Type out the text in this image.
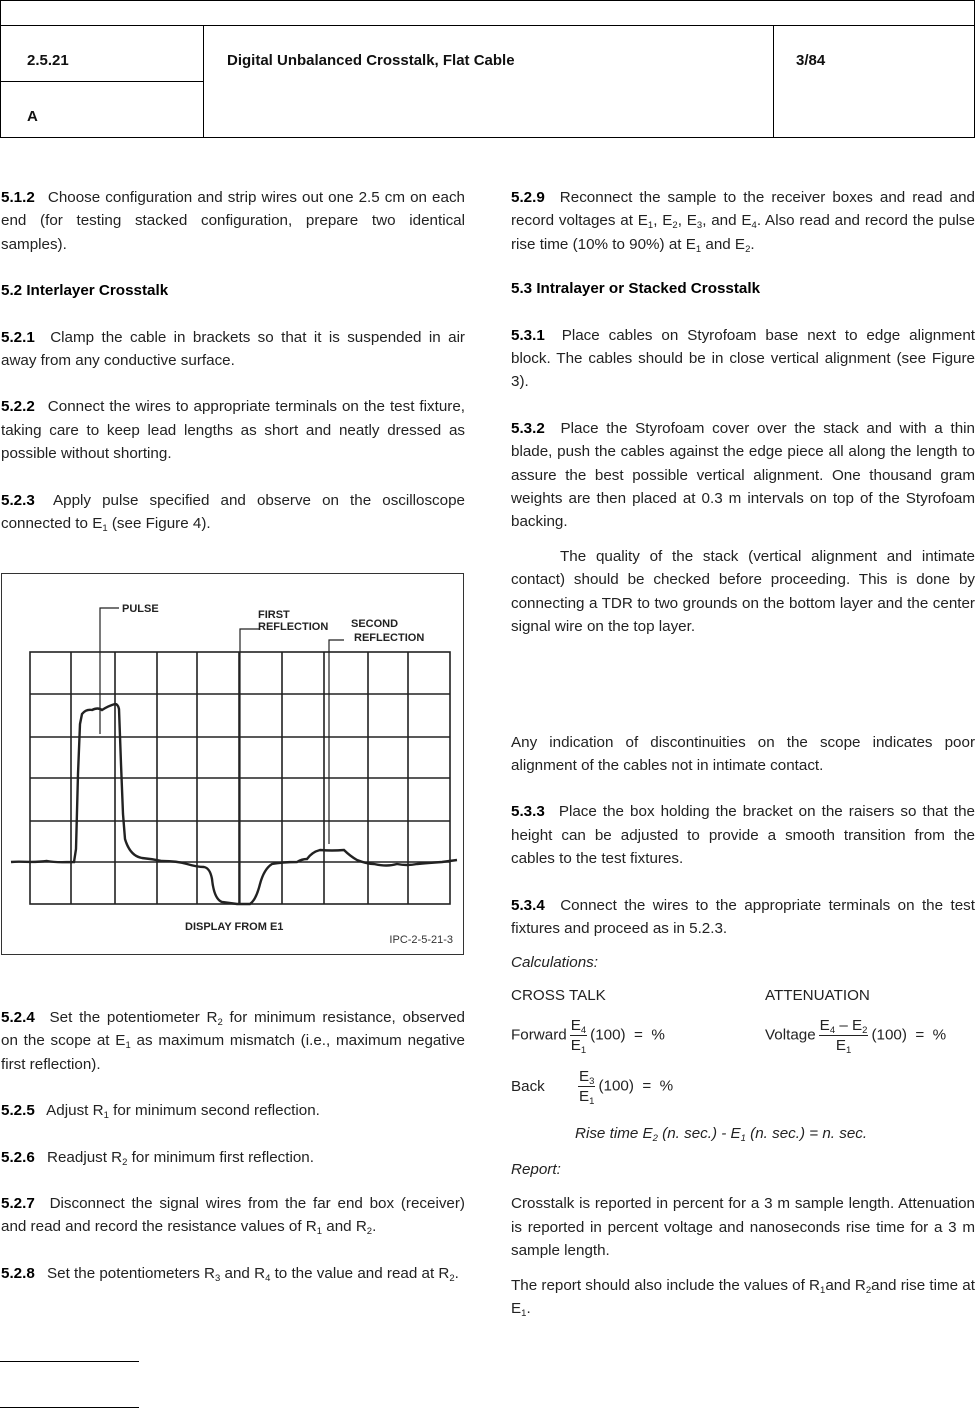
2.5.21
A
Digital Unbalanced Crosstalk, Flat Cable	3/84

5.1.2 Choose configuration and strip wires out one 2.5 cm on each end (for testing stacked configuration, prepare two identical samples).

5.2 Interlayer Crosstalk

5.2.1 Clamp the cable in brackets so that it is suspended in air away from any conductive surface.

5.2.2 Connect the wires to appropriate terminals on the test fixture, taking care to keep lead lengths as short and neatly dressed as possible without shorting.

5.2.3 Apply pulse specified and observe on the oscilloscope connected to $E_1$ (see Figure 4).

PULSE	FIRST
REFLECTION SECOND
REFLECTION
DISPLAY FROM E1
IPC-2-5-21-3

5.2.4 Set the potentiometer $R_2$ for minimum resistance, observed on the scope at $E_1$ as maximum mismatch (i.e., maximum negative first reflection).

5.2.5 Adjust $R_1$ for minimum second reflection.

5.2.6 Readjust $R_2$ for minimum first reflection.

5.2.7 Disconnect the signal wires from the far end box (receiver) and read and record the resistance values of $R_1$ and $R_2$.

5.2.8 Set the potentiometers $R_3$ and $R_4$ to the value and read at $R_2$.

5.2.9 Reconnect the sample to the receiver boxes and read and record voltages at $E_1$, $E_2$, $E_3$, and $E_4$. Also read and record the pulse rise time (10% to 90%) at $E_1$ and $E_2$.

5.3 Intralayer or Stacked Crosstalk

5.3.1 Place cables on Styrofoam base next to edge alignment block. The cables should be in close vertical alignment (see Figure 3).

5.3.2 Place the Styrofoam cover over the stack and with a thin blade, push the cables against the edge piece all along the length to assure the best possible vertical alignment. One thousand gram weights are then placed at 0.3 m intervals on top of the Styrofoam backing.

The quality of the stack (vertical alignment and intimate contact) should be checked before proceeding. This is done by connecting a TDR to two grounds on the bottom layer and the center signal wire on the top layer.

Any indication of discontinuities on the scope indicates poor alignment of the cables not in intimate contact.

5.3.3 Place the box holding the bracket on the raisers so that the height can be adjusted to provide a smooth transition from the cables to the test fixtures.

5.3.4 Connect the wires to the appropriate terminals on the test fixtures and proceed as in 5.2.3.

Calculations:

CROSS TALK	ATTENUATION
Forward $\frac{E_4}{E_1} (100)$  =  %	Voltage $\frac{E_4 - E_2}{E_1} (100)$  =  %
Back $\frac{E_3}{E_1} (100)$  =  %
Rise time $E_2$ (n. $\sec.) - E_1$ (n. sec.) = n. sec.

Report:

Crosstalk is reported in percent for a 3 m sample length. Attenuation is reported in percent voltage and nanoseconds rise time for a 3 m sample length.

The report should also include the values of $R_1and$ $R_2and$ rise time at $E_1$.
